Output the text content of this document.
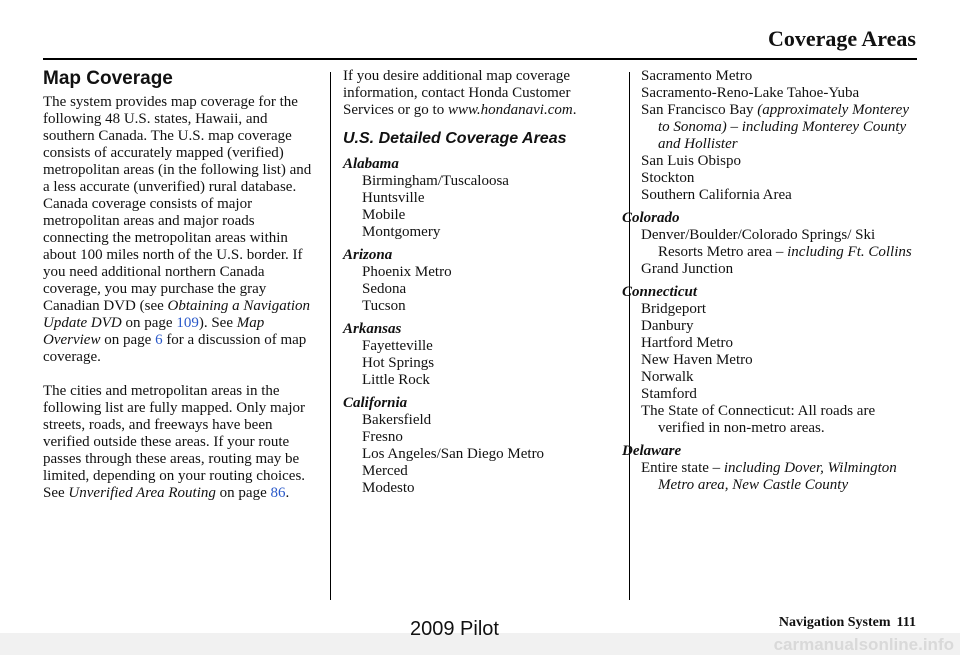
Coverage Areas
Map Coverage

The system provides map coverage for the following 48 U.S. states, Hawaii, and southern Canada. The U.S. map coverage consists of accurately mapped (verified) metropolitan areas (in the following list) and a less accurate (unverified) rural database. Canada coverage consists of major metropolitan areas and major roads connecting the metropolitan areas within about 100 miles north of the U.S. border. If you need additional northern Canada coverage, you may purchase the gray Canadian DVD (see Obtaining a Navigation Update DVD on page 109). See Map Overview on page 6 for a discussion of map coverage.

The cities and metropolitan areas in the following list are fully mapped. Only major streets, roads, and freeways have been verified outside these areas. If your route passes through these areas, routing may be limited, depending on your routing choices. See Unverified Area Routing on page 86.

If you desire additional map coverage information, contact Honda Customer Services or go to www.hondanavi.com.

U.S. Detailed Coverage Areas
Alabama
Birmingham/Tuscaloosa
Huntsville
Mobile
Montgomery
Arizona
Phoenix Metro
Sedona
Tucson
Arkansas
Fayetteville
Hot Springs
Little Rock
California
Bakersfield
Fresno
Los Angeles/San Diego Metro
Merced
Modesto
Sacramento Metro
Sacramento-Reno-Lake Tahoe-Yuba
San Francisco Bay (approximately Monterey to Sonoma) – including Monterey County and Hollister
San Luis Obispo
Stockton
Southern California Area
Colorado
Denver/Boulder/Colorado Springs/ Ski Resorts Metro area – including Ft. Collins
Grand Junction
Connecticut
Bridgeport
Danbury
Hartford Metro
New Haven Metro
Norwalk
Stamford
The State of Connecticut: All roads are verified in non-metro areas.
Delaware
Entire state – including Dover, Wilmington Metro area, New Castle County
Navigation System 111
2009 Pilot
carmanualsonline.info
